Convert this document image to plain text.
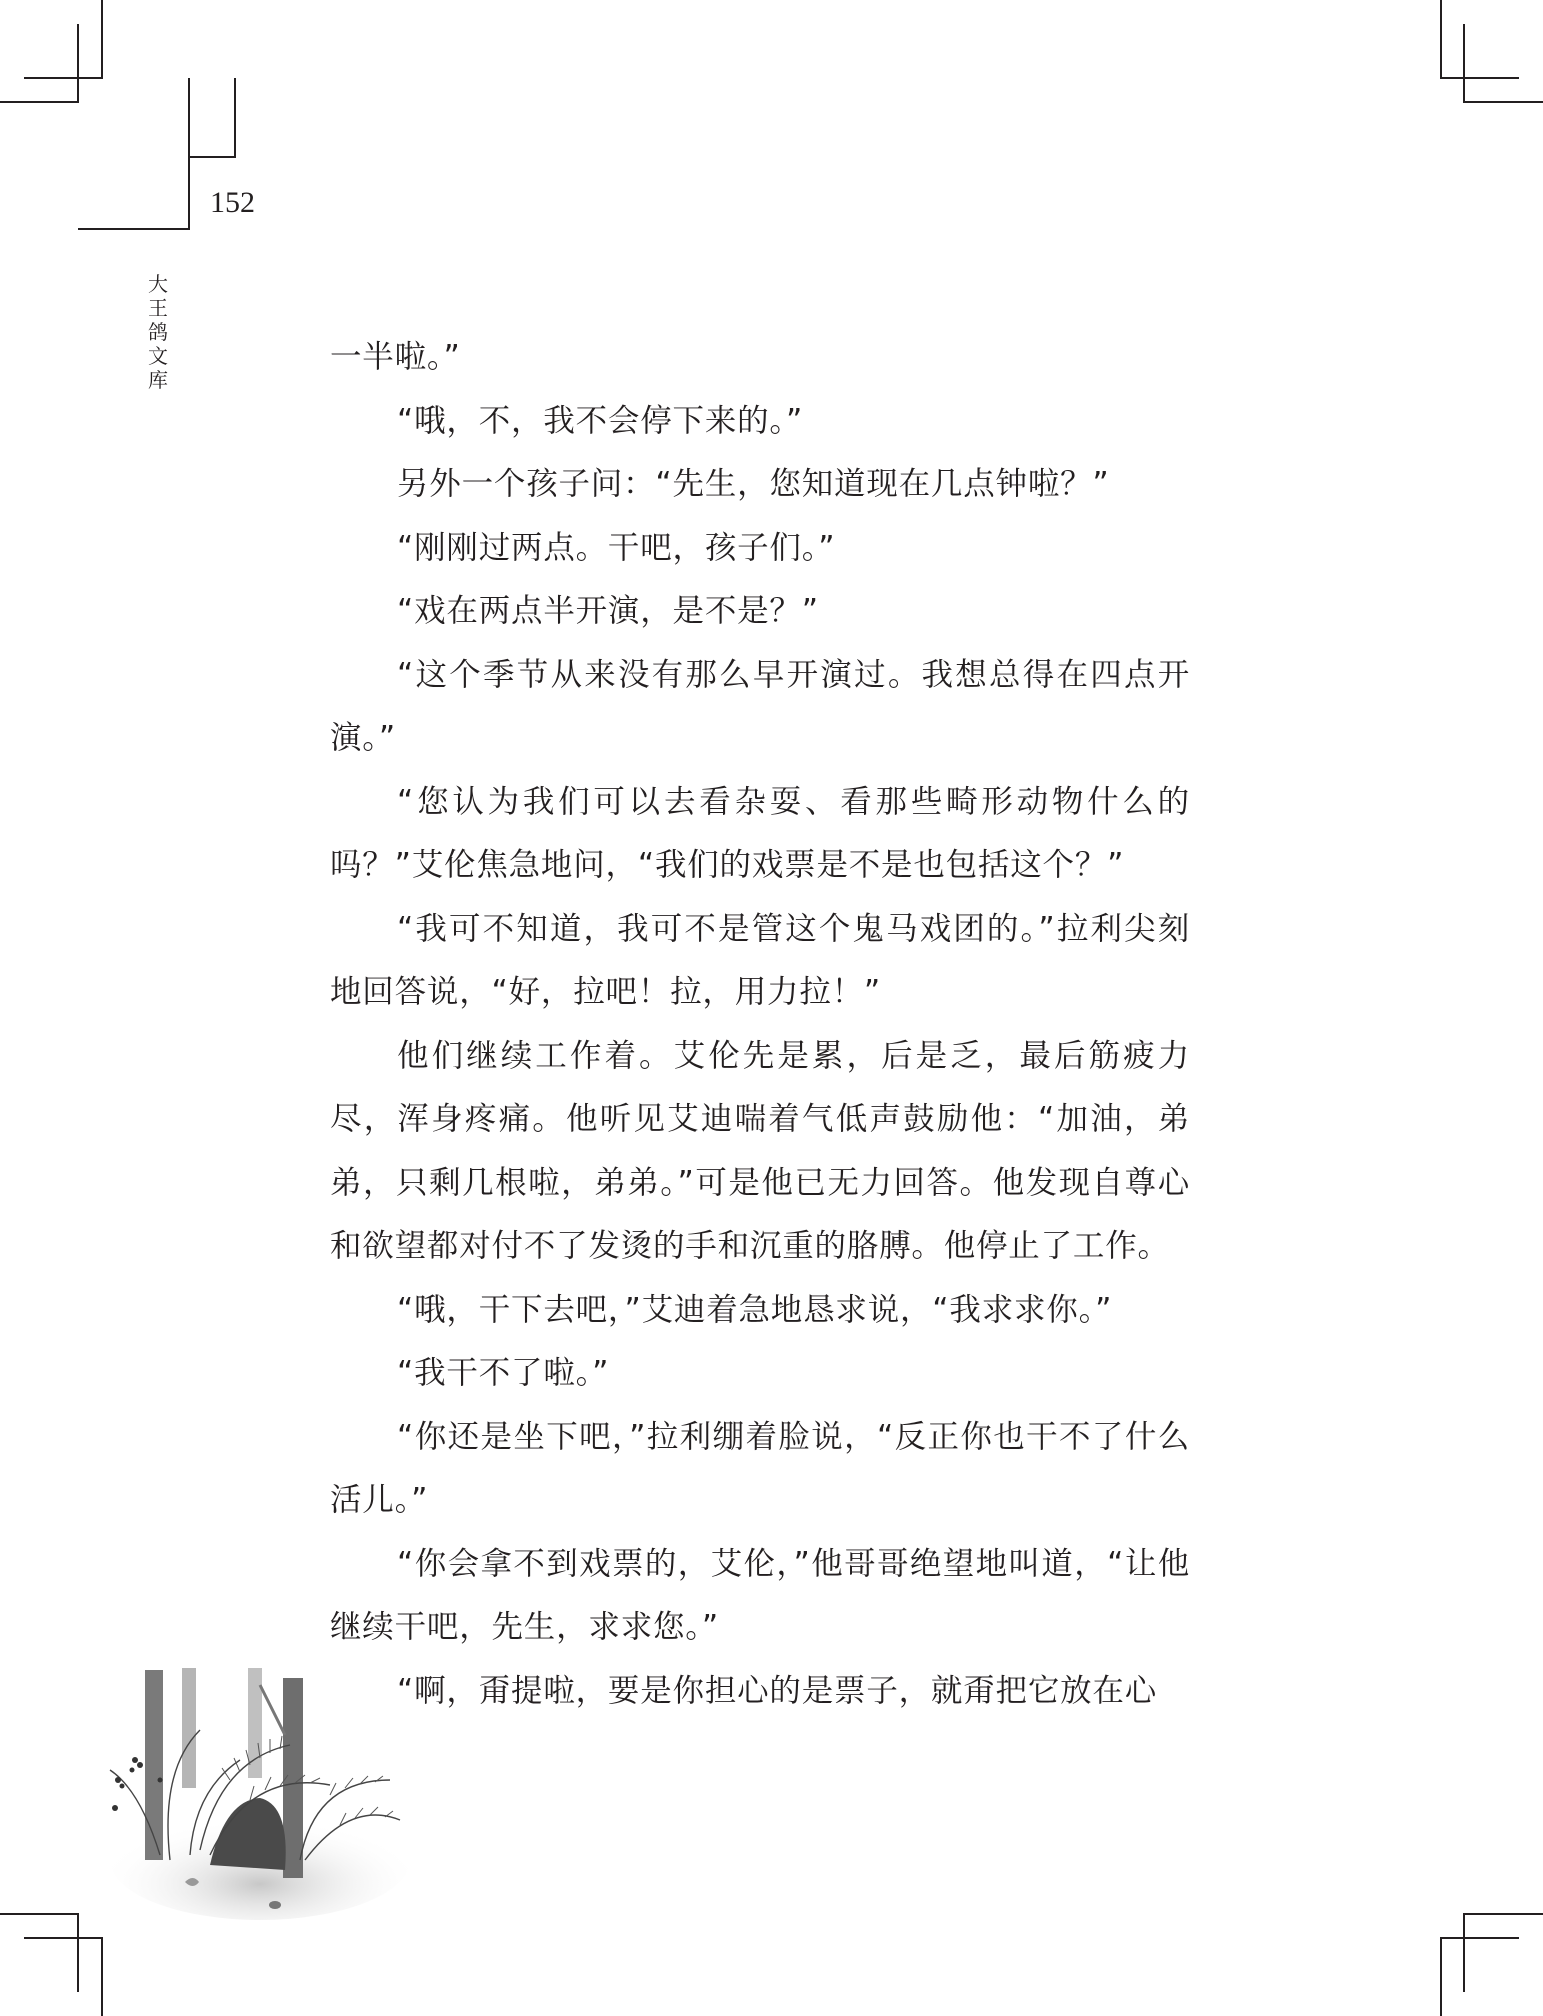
152
大
王
鸽
文
库

一半啦。”

“哦，不，我不会停下来的。”

另外一个孩子问：“先生，您知道现在几点钟啦？”

“刚刚过两点。干吧，孩子们。”

“戏在两点半开演，是不是？”

“这个季节从来没有那么早开演过。我想总得在四点开演。”

“您认为我们可以去看杂耍、看那些畸形动物什么的吗？”艾伦焦急地问，“我们的戏票是不是也包括这个？”

“我可不知道，我可不是管这个鬼马戏团的。”拉利尖刻地回答说，“好，拉吧！拉，用力拉！”

他们继续工作着。艾伦先是累，后是乏，最后筋疲力尽，浑身疼痛。他听见艾迪喘着气低声鼓励他：“加油，弟弟，只剩几根啦，弟弟。”可是他已无力回答。他发现自尊心和欲望都对付不了发烫的手和沉重的胳膊。他停止了工作。

“哦，干下去吧，”艾迪着急地恳求说，“我求求你。”

“我干不了啦。”

“你还是坐下吧，”拉利绷着脸说，“反正你也干不了什么活儿。”

“你会拿不到戏票的，艾伦，”他哥哥绝望地叫道，“让他继续干吧，先生，求求您。”

“啊，甭提啦，要是你担心的是票子，就甭把它放在心
